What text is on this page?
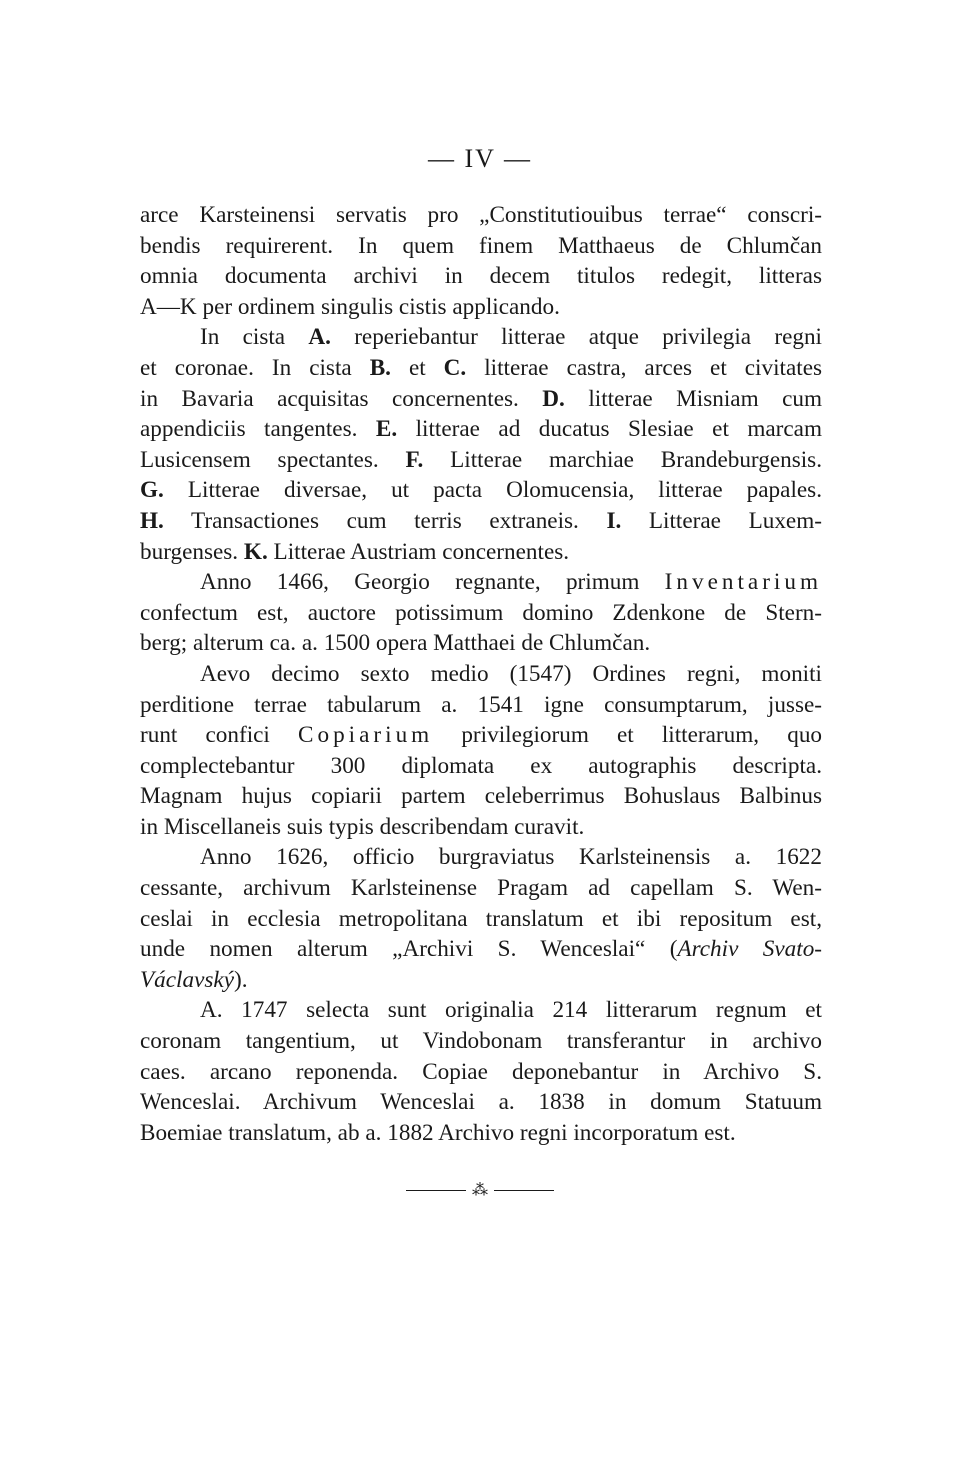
— IV —
arce Karsteinensi servatis pro „Constitutiouibus terrae“ conscri-
bendis requirerent. In quem finem Matthaeus de Chlumčan
omnia documenta archivi in decem titulos redegit, litteras
A—K per ordinem singulis cistis applicando.
In cista A. reperiebantur litterae atque privilegia regni
et coronae. In cista B. et C. litterae castra, arces et civitates
in Bavaria acquisitas concernentes. D. litterae Misniam cum
appendiciis tangentes. E. litterae ad ducatus Slesiae et marcam
Lusicensem spectantes. F. Litterae marchiae Brandeburgensis.
G. Litterae diversae, ut pacta Olomucensia, litterae papales.
H. Transactiones cum terris extraneis. I. Litterae Luxem-
burgenses. K. Litterae Austriam concernentes.
Anno 1466, Georgio regnante, primum Inventarium
confectum est, auctore potissimum domino Zdenkone de Stern-
berg; alterum ca. a. 1500 opera Matthaei de Chlumčan.
Aevo decimo sexto medio (1547) Ordines regni, moniti
perditione terrae tabularum a. 1541 igne consumptarum, jusse-
runt confici Copiarium privilegiorum et litterarum, quo
complectebantur 300 diplomata ex autographis descripta.
Magnam hujus copiarii partem celeberrimus Bohuslaus Balbinus
in Miscellaneis suis typis describendam curavit.
Anno 1626, officio burgraviatus Karlsteinensis a. 1622
cessante, archivum Karlsteinense Pragam ad capellam S. Wen-
ceslai in ecclesia metropolitana translatum et ibi repositum est,
unde nomen alterum „Archivi S. Wenceslai“ (Archiv Svato-
Václavský).
A. 1747 selecta sunt originalia 214 litterarum regnum et
coronam tangentium, ut Vindobonam transferantur in archivo
caes. arcano reponenda. Copiae deponebantur in Archivo S.
Wenceslai. Archivum Wenceslai a. 1838 in domum Statuum
Boemiae translatum, ab a. 1882 Archivo regni incorporatum est.
⁂
